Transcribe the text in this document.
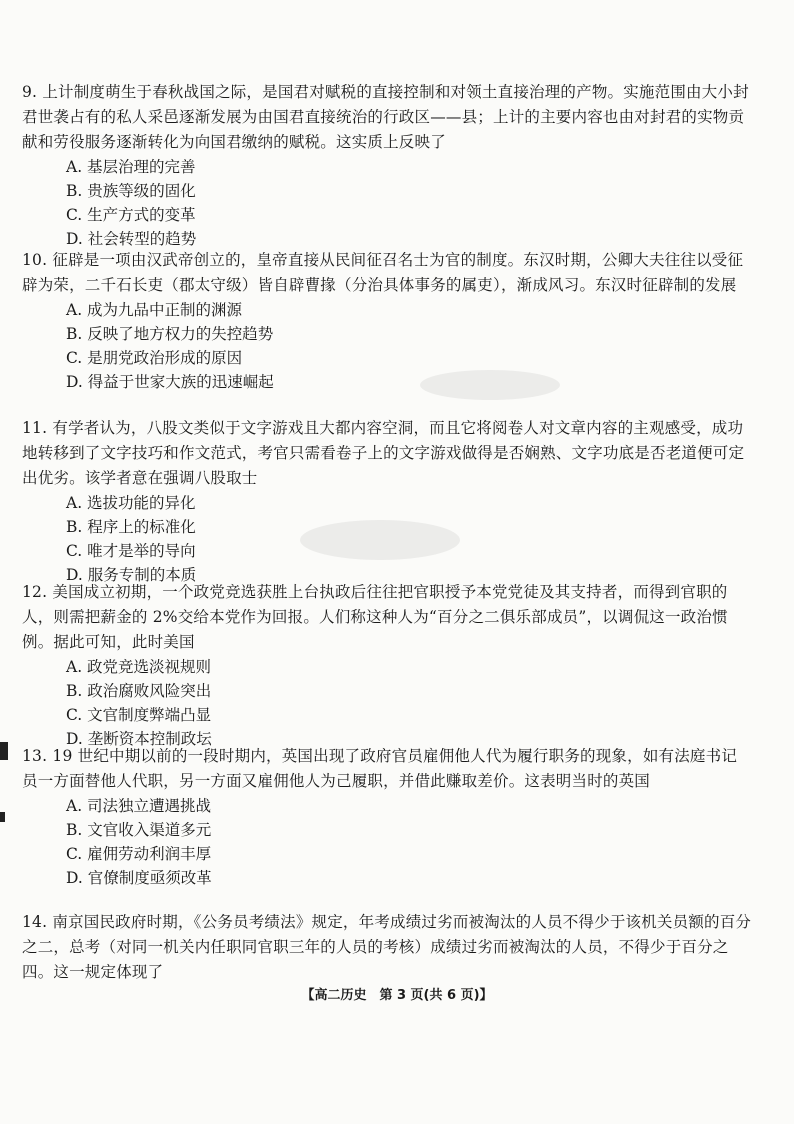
9. 上计制度萌生于春秋战国之际，是国君对赋税的直接控制和对领土直接治理的产物。实施范围由大小封君世袭占有的私人采邑逐渐发展为由国君直接统治的行政区——县；上计的主要内容也由对封君的实物贡献和劳役服务逐渐转化为向国君缴纳的赋税。这实质上反映了
A. 基层治理的完善
B. 贵族等级的固化
C. 生产方式的变革
D. 社会转型的趋势
10. 征辟是一项由汉武帝创立的，皇帝直接从民间征召名士为官的制度。东汉时期，公卿大夫往往以受征辟为荣，二千石长吏（郡太守级）皆自辟曹掾（分治具体事务的属吏），渐成风习。东汉时征辟制的发展
A. 成为九品中正制的渊源
B. 反映了地方权力的失控趋势
C. 是朋党政治形成的原因
D. 得益于世家大族的迅速崛起
11. 有学者认为，八股文类似于文字游戏且大都内容空洞，而且它将阅卷人对文章内容的主观感受，成功地转移到了文字技巧和作文范式，考官只需看卷子上的文字游戏做得是否娴熟、文字功底是否老道便可定出优劣。该学者意在强调八股取士
A. 选拔功能的异化
B. 程序上的标准化
C. 唯才是举的导向
D. 服务专制的本质
12. 美国成立初期，一个政党竞选获胜上台执政后往往把官职授予本党党徒及其支持者，而得到官职的人，则需把薪金的 2%交给本党作为回报。人们称这种人为“百分之二俱乐部成员”，以调侃这一政治惯例。据此可知，此时美国
A. 政党竞选淡视规则
B. 政治腐败风险突出
C. 文官制度弊端凸显
D. 垄断资本控制政坛
13. 19 世纪中期以前的一段时期内，英国出现了政府官员雇佣他人代为履行职务的现象，如有法庭书记员一方面替他人代职，另一方面又雇佣他人为己履职，并借此赚取差价。这表明当时的英国
A. 司法独立遭遇挑战
B. 文官收入渠道多元
C. 雇佣劳动利润丰厚
D. 官僚制度亟须改革
14. 南京国民政府时期，《公务员考绩法》规定，年考成绩过劣而被淘汰的人员不得少于该机关员额的百分之二，总考（对同一机关内任职同官职三年的人员的考核）成绩过劣而被淘汰的人员，不得少于百分之四。这一规定体现了
【高二历史　第 3 页(共 6 页)】
